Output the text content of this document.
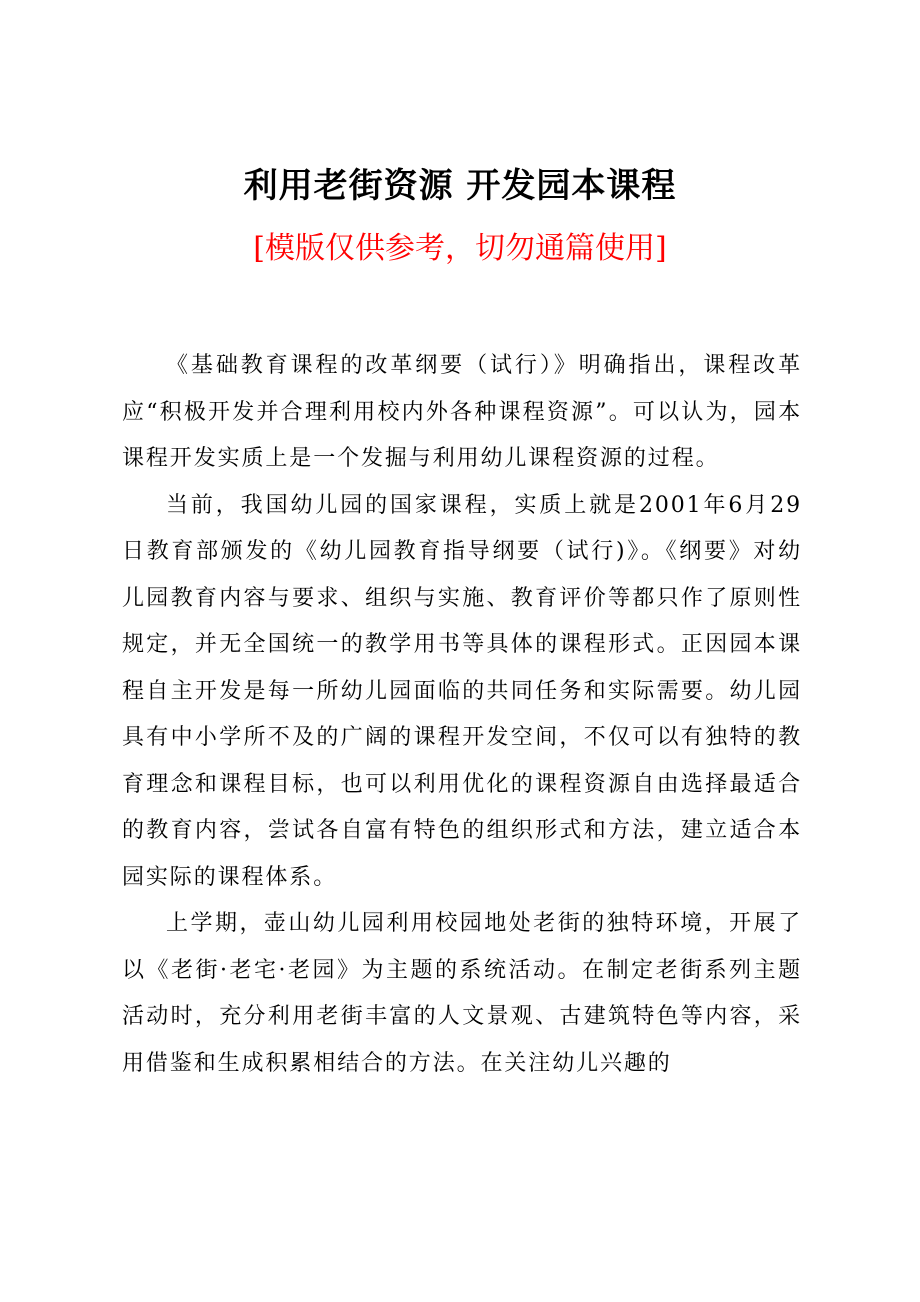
利用老街资源 开发园本课程
[模版仅供参考，切勿通篇使用]

《基础教育课程的改革纲要（试行）》明确指出，课程改革应“积极开发并合理利用校内外各种课程资源”。可以认为，园本课程开发实质上是一个发掘与利用幼儿课程资源的过程。

当前，我国幼儿园的国家课程，实质上就是2001年6月29日教育部颁发的《幼儿园教育指导纲要（试行)》。《纲要》对幼儿园教育内容与要求、组织与实施、教育评价等都只作了原则性规定，并无全国统一的教学用书等具体的课程形式。正因园本课程自主开发是每一所幼儿园面临的共同任务和实际需要。幼儿园具有中小学所不及的广阔的课程开发空间，不仅可以有独特的教育理念和课程目标，也可以利用优化的课程资源自由选择最适合的教育内容，尝试各自富有特色的组织形式和方法，建立适合本园实际的课程体系。

上学期，壶山幼儿园利用校园地处老街的独特环境，开展了以《老街·老宅·老园》为主题的系统活动。在制定老街系列主题活动时，充分利用老街丰富的人文景观、古建筑特色等内容，采用借鉴和生成积累相结合的方法。在关注幼儿兴趣的
